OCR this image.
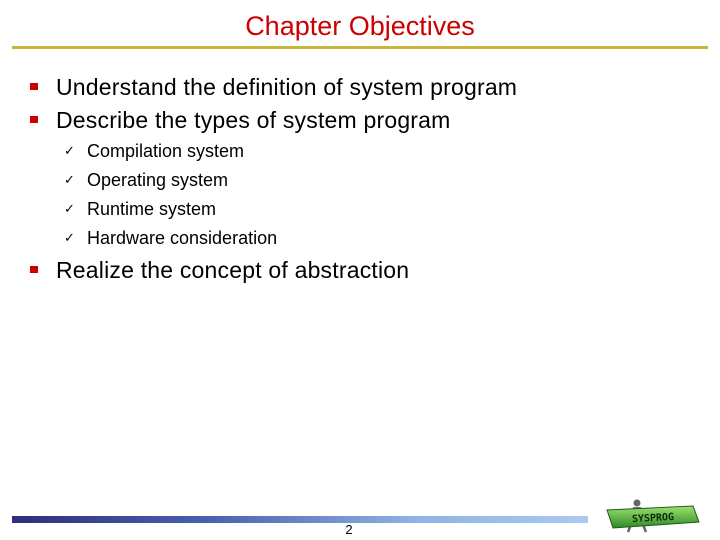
Chapter Objectives
Understand the definition of system program
Describe the types of system program
✓ Compilation system
✓ Operating system
✓ Runtime system
✓ Hardware consideration
Realize the concept of abstraction
2
SYSPROG
